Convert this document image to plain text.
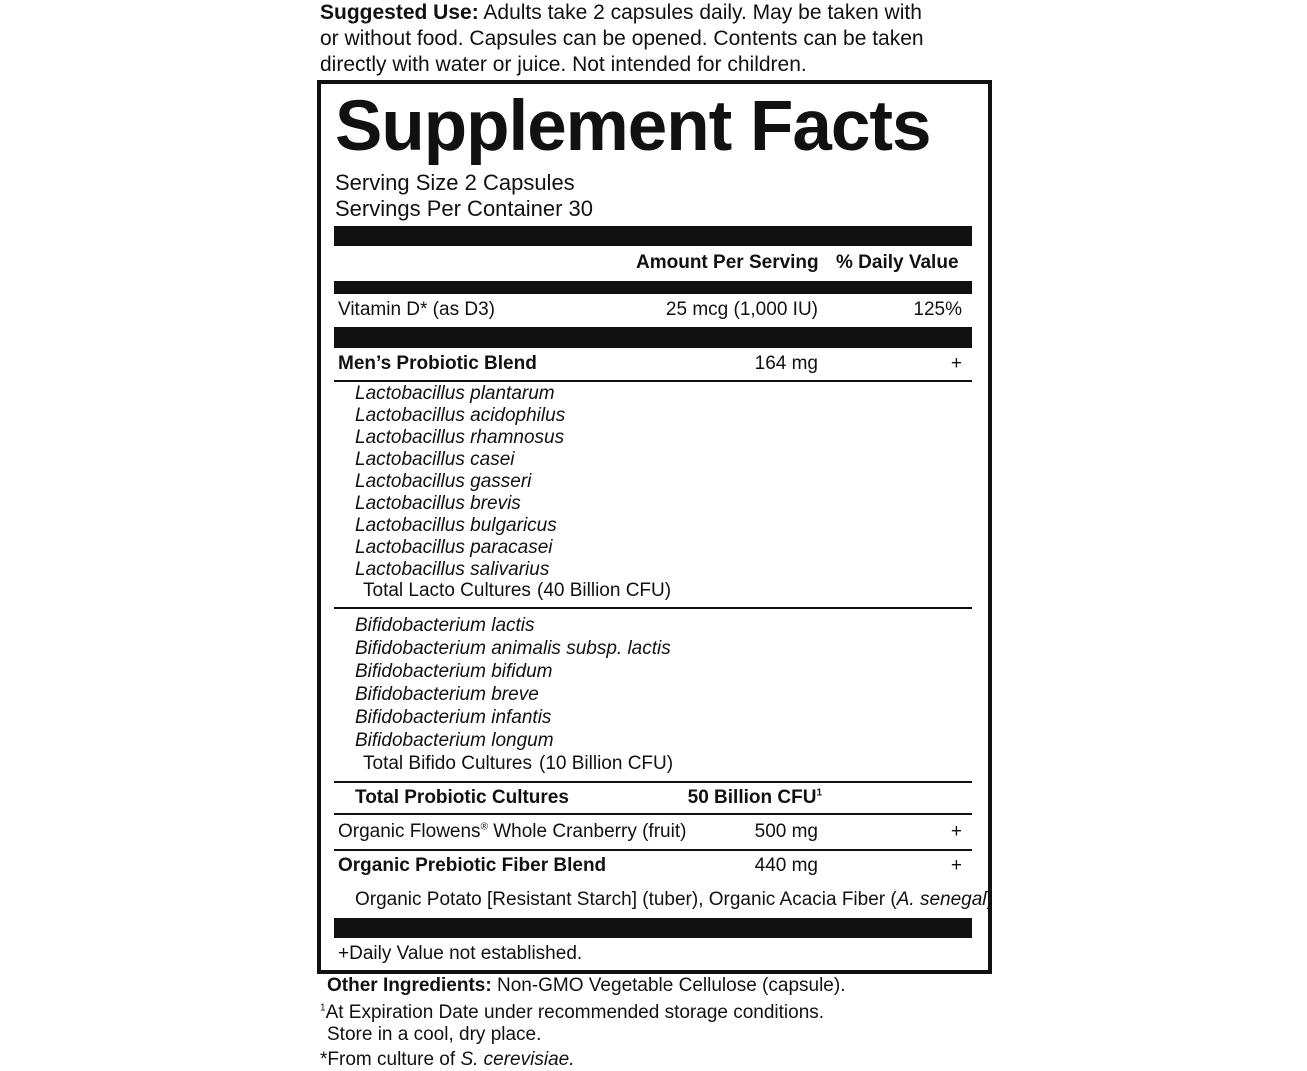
Suggested Use: Adults take 2 capsules daily. May be taken with
or without food. Capsules can be opened. Contents can be taken
directly with water or juice. Not intended for children.
Supplement Facts
Serving Size 2 Capsules
Servings Per Container 30
Amount Per Serving % Daily Value
Vitamin D* (as D3)	25 mcg (1,000 IU)	125%
Men’s Probiotic Blend	164 mg	+
Lactobacillus plantarum
Lactobacillus acidophilus
Lactobacillus rhamnosus
Lactobacillus casei
Lactobacillus gasseri
Lactobacillus brevis
Lactobacillus bulgaricus
Lactobacillus paracasei
Lactobacillus salivarius
Total Lacto Cultures (40 Billion CFU)
Bifidobacterium lactis
Bifidobacterium animalis subsp. lactis
Bifidobacterium bifidum
Bifidobacterium breve
Bifidobacterium infantis
Bifidobacterium longum
Total Bifido Cultures (10 Billion CFU)
Total Probiotic Cultures	50 Billion CFU$^1$
Organic Flowens® Whole Cranberry (fruit)	500 mg	+
Organic Prebiotic Fiber Blend	440 mg	+
Organic Potato [Resistant Starch] (tuber), Organic Acacia Fiber (A. senegal)
+Daily Value not established.
Other Ingredients: Non-GMO Vegetable Cellulose (capsule).
$^1$At Expiration Date under recommended storage conditions.
Store in a cool, dry place.
*From culture of S. cerevisiae.
